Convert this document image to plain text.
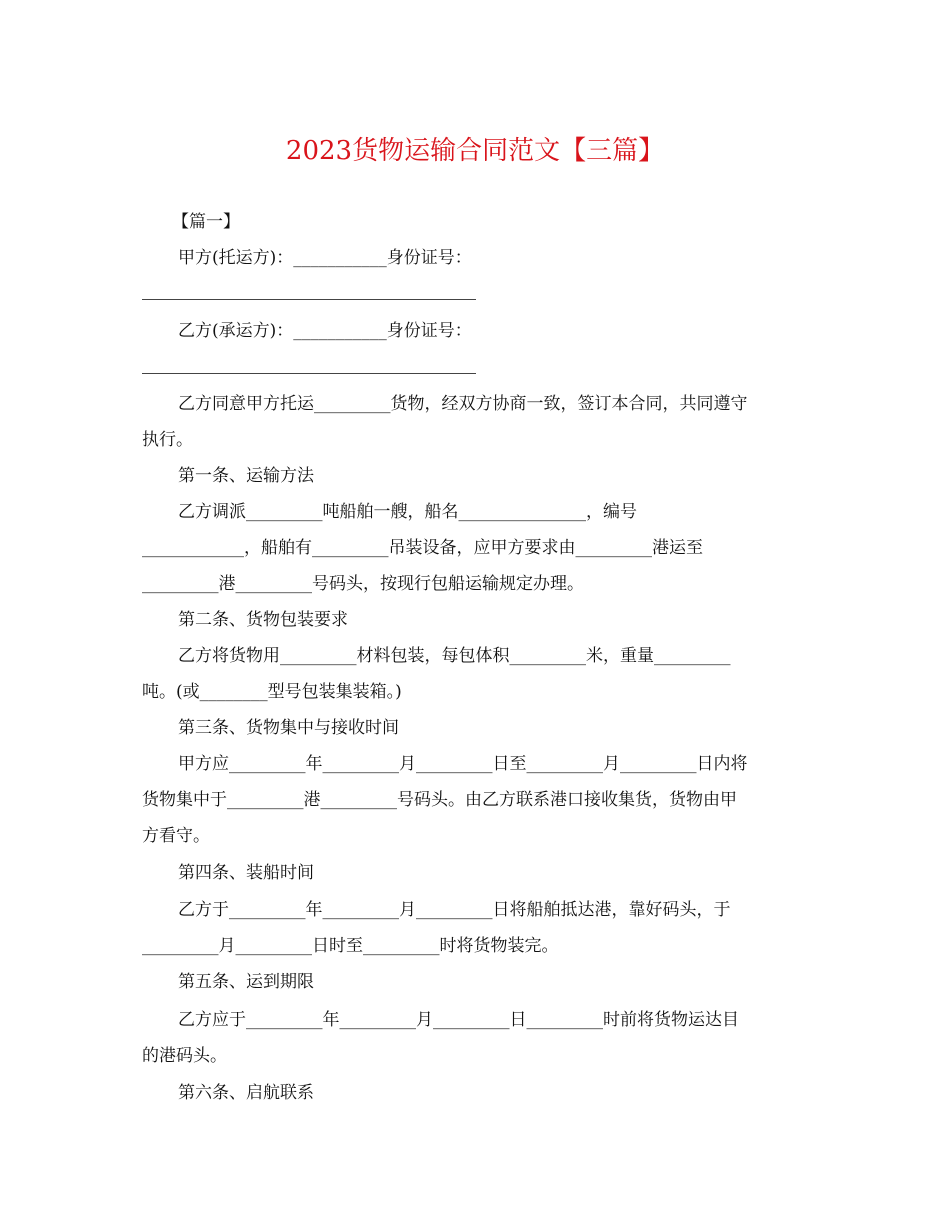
2023货物运输合同范文【三篇】
【篇一】
甲方(托运方)：___________身份证号：
乙方(承运方)：___________身份证号：
乙方同意甲方托运_________货物，经双方协商一致，签订本合同，共同遵守
执行。
第一条、运输方法
乙方调派_________吨船舶一艘，船名_______________，编号
____________，船舶有_________吊装设备，应甲方要求由_________港运至
_________港_________号码头，按现行包船运输规定办理。
第二条、货物包装要求
乙方将货物用_________材料包装，每包体积_________米，重量_________
吨。(或________型号包装集装箱。)
第三条、货物集中与接收时间
甲方应_________年_________月_________日至_________月_________日内将
货物集中于_________港_________号码头。由乙方联系港口接收集货，货物由甲
方看守。
第四条、装船时间
乙方于_________年_________月_________日将船舶抵达港，靠好码头，于
_________月_________日时至_________时将货物装完。
第五条、运到期限
乙方应于_________年_________月_________日_________时前将货物运达目
的港码头。
第六条、启航联系
